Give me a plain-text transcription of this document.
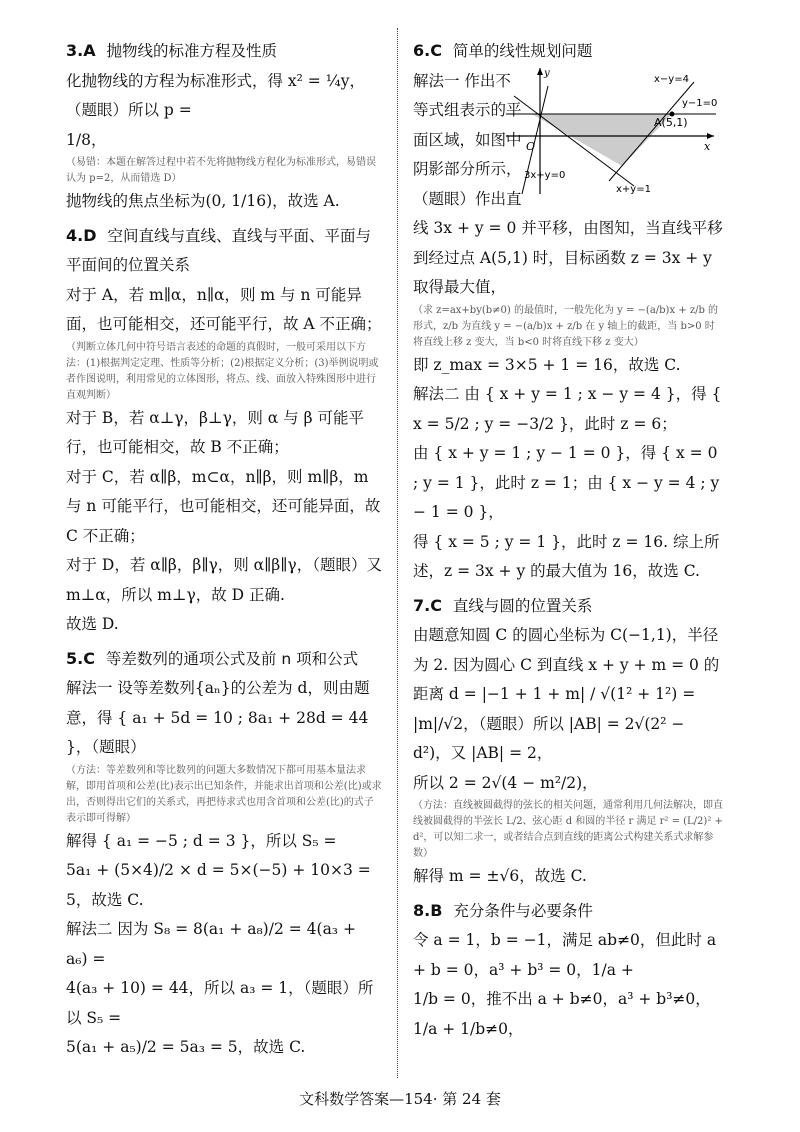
3.A 抛物线的标准方程及性质

化抛物线的方程为标准形式，得 x² = ¼y，（题眼）所以 p =

1/8，

（易错：本题在解答过程中若不先将抛物线方程化为标准形式，易错误认为 p=2，从而错选 D）

抛物线的焦点坐标为(0, 1/16)，故选 A.

4.D 空间直线与直线、直线与平面、平面与平面间的位置关系

对于 A，若 m∥α，n∥α，则 m 与 n 可能异面，也可能相交，还可能平行，故 A 不正确；

（判断立体几何中符号语言表述的命题的真假时，一般可采用以下方法：(1)根据判定定理、性质等分析；(2)根据定义分析；(3)举例说明或者作图说明，利用常见的立体图形，将点、线、面放入特殊图形中进行直观判断）

对于 B，若 α⊥γ，β⊥γ，则 α 与 β 可能平行，也可能相交，故 B 不正确；

对于 C，若 α∥β，m⊂α，n∥β，则 m∥β，m 与 n 可能平行，也可能相交，还可能异面，故 C 不正确；

对于 D，若 α∥β，β∥γ，则 α∥β∥γ，（题眼）又 m⊥α，所以 m⊥γ，故 D 正确.

故选 D.

5.C 等差数列的通项公式及前 n 项和公式

解法一 设等差数列{aₙ}的公差为 d，则由题意，得 { a₁ + 5d = 10 ; 8a₁ + 28d = 44 }，（题眼）

（方法：等差数列和等比数列的问题大多数情况下都可用基本量法求解，即用首项和公差(比)表示出已知条件，并能求出首项和公差(比)或求出，否则得出它们的关系式，再把待求式也用含首项和公差(比)的式子表示即可得解）

解得 { a₁ = −5 ; d = 3 }，所以 S₅ =

5a₁ + (5×4)/2 × d = 5×(−5) + 10×3 = 5，故选 C.

解法二 因为 S₈ = 8(a₁ + a₈)/2 = 4(a₃ + a₆) =

4(a₃ + 10) = 44，所以 a₃ = 1，（题眼）所以 S₅ =

5(a₁ + a₅)/2 = 5a₃ = 5，故选 C.

6.C 简单的线性规划问题

解法一 作出不等式组表示的平面区域，如图中阴影部分所示，（题眼）作出直线 3x + y = 0 并平移，由图知，当直线平移到经过点 A(5,1) 时，目标函数 z = 3x + y 取得最大值，

（求 z=ax+by(b≠0) 的最值时，一般先化为 y = −(a/b)x + z/b 的形式，z/b 为直线 y = −(a/b)x + z/b 在 y 轴上的截距，当 b>0 时将直线上移 z 变大，当 b<0 时将直线下移 z 变大）

即 z_max = 3×5 + 1 = 16，故选 C.

解法二 由 { x + y = 1 ; x − y = 4 }，得 { x = 5/2 ; y = −3/2 }，此时 z = 6；

由 { x + y = 1 ; y − 1 = 0 }，得 { x = 0 ; y = 1 }，此时 z = 1；由 { x − y = 4 ; y − 1 = 0 }，

得 { x = 5 ; y = 1 }，此时 z = 16. 综上所述，z = 3x + y 的最大值为 16，故选 C.

7.C 直线与圆的位置关系

由题意知圆 C 的圆心坐标为 C(−1,1)，半径为 2. 因为圆心 C 到直线 x + y + m = 0 的距离 d = |−1 + 1 + m| / √(1² + 1²) = |m|/√2，（题眼）所以 |AB| = 2√(2² − d²)，又 |AB| = 2，

所以 2 = 2√(4 − m²/2)，

（方法：直线被圆截得的弦长的相关问题，通常利用几何法解决，即直线被圆截得的半弦长 L/2、弦心距 d 和圆的半径 r 满足 r² = (L/2)² + d²，可以知二求一，或者结合点到直线的距离公式构建关系式求解参数）

解得 m = ±√6，故选 C.

8.B 充分条件与必要条件

令 a = 1，b = −1，满足 ab≠0，但此时 a + b = 0，a³ + b³ = 0，1/a +

1/b = 0，推不出 a + b≠0，a³ + b³≠0，1/a + 1/b≠0，

x−y=4
y−1=0
A(5,1)
x
O
3x+y=0
x+y=1
y
文科数学答案—154· 第 24 套
